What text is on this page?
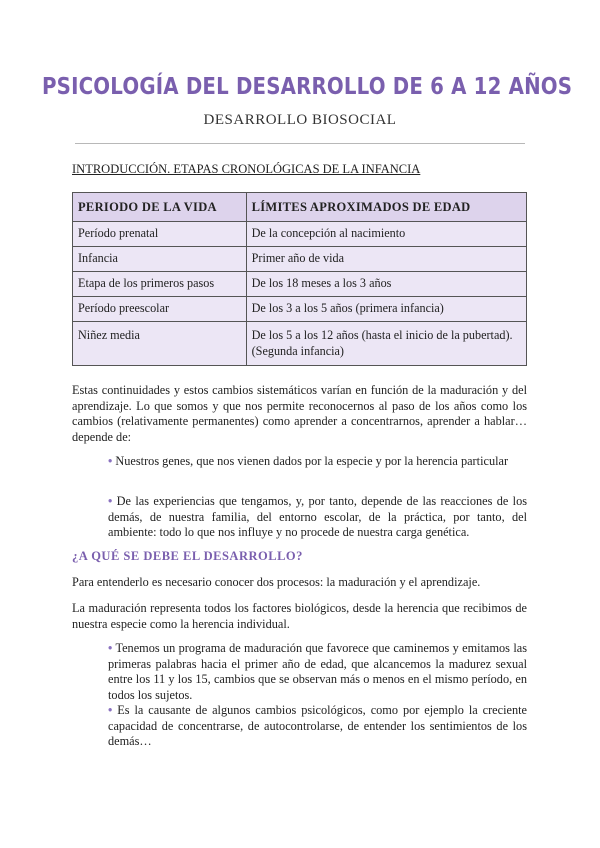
PSICOLOGÍA DEL DESARROLLO DE 6 A 12 AÑOS
DESARROLLO BIOSOCIAL
INTRODUCCIÓN. ETAPAS CRONOLÓGICAS DE LA INFANCIA
PERIODO DE LA VIDA	LÍMITES APROXIMADOS DE EDAD
Período prenatal	De la concepción al nacimiento
Infancia	Primer año de vida
Etapa de los primeros pasos	De los 18 meses a los 3 años
Período preescolar	De los 3 a los 5 años (primera infancia)
Niñez media	De los 5 a los 12 años (hasta el inicio de la pubertad). (Segunda infancia)
Estas continuidades y estos cambios sistemáticos varían en función de la maduración y del aprendizaje. Lo que somos y que nos permite reconocernos al paso de los años como los cambios (relativamente permanentes) como aprender a concentrarnos, aprender a hablar… depende de:
• Nuestros genes, que nos vienen dados por la especie y por la herencia particular
• De las experiencias que tengamos, y, por tanto, depende de las reacciones de los demás, de nuestra familia, del entorno escolar, de la práctica, por tanto, del ambiente: todo lo que nos influye y no procede de nuestra carga genética.
¿A QUÉ SE DEBE EL DESARROLLO?
Para entenderlo es necesario conocer dos procesos: la maduración y el aprendizaje.
La maduración representa todos los factores biológicos, desde la herencia que recibimos de nuestra especie como la herencia individual.
• Tenemos un programa de maduración que favorece que caminemos y emitamos las primeras palabras hacia el primer año de edad, que alcancemos la madurez sexual entre los 11 y los 15, cambios que se observan más o menos en el mismo período, en todos los sujetos.
• Es la causante de algunos cambios psicológicos, como por ejemplo la creciente capacidad de concentrarse, de autocontrolarse, de entender los sentimientos de los demás…
